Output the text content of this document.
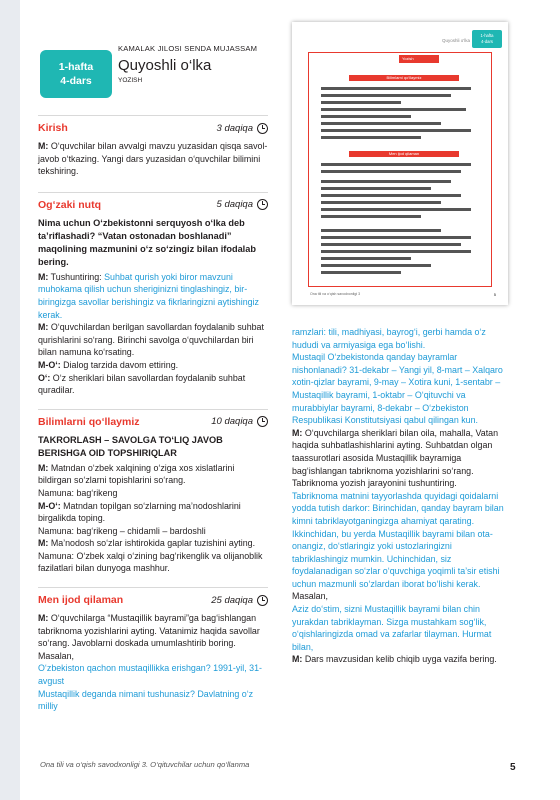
1-hafta
4-dars
KAMALAK JILOSI SENDA MUJASSAM
Quyoshli o‘lka
YOZISH
Quyoshli o‘lka
1-hafta
4-dars
Yozish
Bilimlarni qo‘llaymiz
Men ijod qilaman
Ona tili va o‘qish savodxonligi 3	5
Kirish	3 daqiqa

M: O‘quvchilar bilan avvalgi mavzu yuzasidan qisqa savol-javob o‘tkazing. Yangi dars yuzasidan o‘quvchilar bilimini tekshiring.

Og‘zaki nutq	5 daqiqa

Nima uchun O‘zbekistonni serquyosh o‘lka deb ta’riflashadi? “Vatan ostonadan boshlanadi” maqolining mazmunini o‘z so‘zingiz bilan ifodalab bering.

M: Tushuntiring: Suhbat qurish yoki biror mavzuni muhokama qilish uchun sheriginizni tinglashingiz, bir-biringizga savollar berishingiz va fikrlaringizni aytishingiz kerak.

M: O‘quvchilardan berilgan savollardan foydalanib suhbat qurishlarini so‘rang. Birinchi savolga o‘quvchilardan biri bilan namuna ko‘rsating.

M-O‘: Dialog tarzida davom ettiring.

O‘: O‘z sheriklari bilan savollardan foydalanib suhbat quradilar.

Bilimlarni qo‘llaymiz	10 daqiqa

TAKRORLASH – SAVOLGA TO‘LIQ JAVOB BERISHGA OID TOPSHIRIQLAR

M: Matndan o‘zbek xalqining o‘ziga xos xislatlarini bildirgan so‘zlarni topishlarini so‘rang.

Namuna: bag‘rikeng

M-O‘: Matndan topilgan so‘zlarning ma’nodoshlarini birgalikda toping.

Namuna: bag‘rikeng – chidamli – bardoshli

M: Ma’nodosh so‘zlar ishtirokida gaplar tuzishini ayting. Namuna: O‘zbek xalqi o‘zining bag‘rikenglik va olijanoblik fazilatlari bilan dunyoga mashhur.

Men ijod qilaman	25 daqiqa

M: O‘quvchilarga “Mustaqillik bayrami”ga bag‘ishlangan tabriknoma yozishlarini ayting. Vatanimiz haqida savollar so‘rang. Javoblarni doskada umumlashtirib boring. Masalan,

O‘zbekiston qachon mustaqillikka erishgan? 1991-yil, 31-avgust

Mustaqillik deganda nimani tushunasiz? Davlatning o‘z milliy

ramzlari: tili, madhiyasi, bayrog‘i, gerbi hamda o‘z hududi va armiyasiga ega bo‘lishi.

Mustaqil O‘zbekistonda qanday bayramlar nishonlanadi? 31-dekabr – Yangi yil, 8-mart – Xalqaro xotin-qizlar bayrami, 9-may – Xotira kuni, 1-sentabr – Mustaqillik bayrami, 1-oktabr – O‘qituvchi va murabbiylar bayrami, 8-dekabr – O‘zbekiston Respublikasi Konstitutsiyasi qabul qilingan kun.

M: O‘quvchilarga sheriklari bilan oila, mahalla, Vatan haqida suhbatlashishlarini ayting. Suhbatdan olgan taassurotlari asosida Mustaqillik bayramiga bag‘ishlangan tabriknoma yozishlarini so‘rang. Tabriknoma yozish jarayonini tushuntiring.

Tabriknoma matnini tayyorlashda quyidagi qoidalarni yodda tutish darkor: Birinchidan, qanday bayram bilan kimni tabriklayotganingizga ahamiyat qarating. Ikkinchidan, bu yerda Mustaqillik bayrami bilan ota-onangiz, do‘stlaringiz yoki ustozlaringizni tabriklashingiz mumkin. Uchinchidan, siz foydalanadigan so‘zlar o‘quvchiga yoqimli ta’sir etishi uchun mazmunli so‘zlardan iborat bo‘lishi kerak.

Masalan,

Aziz do‘stim, sizni Mustaqillik bayrami bilan chin yurakdan tabriklayman. Sizga mustahkam sog‘lik, o‘qishlaringizda omad va zafarlar tilayman. Hurmat bilan,

M: Dars mavzusidan kelib chiqib uyga vazifa bering.

Ona tili va o‘qish savodxonligi 3. O‘qituvchilar uchun qo‘llanma	5
